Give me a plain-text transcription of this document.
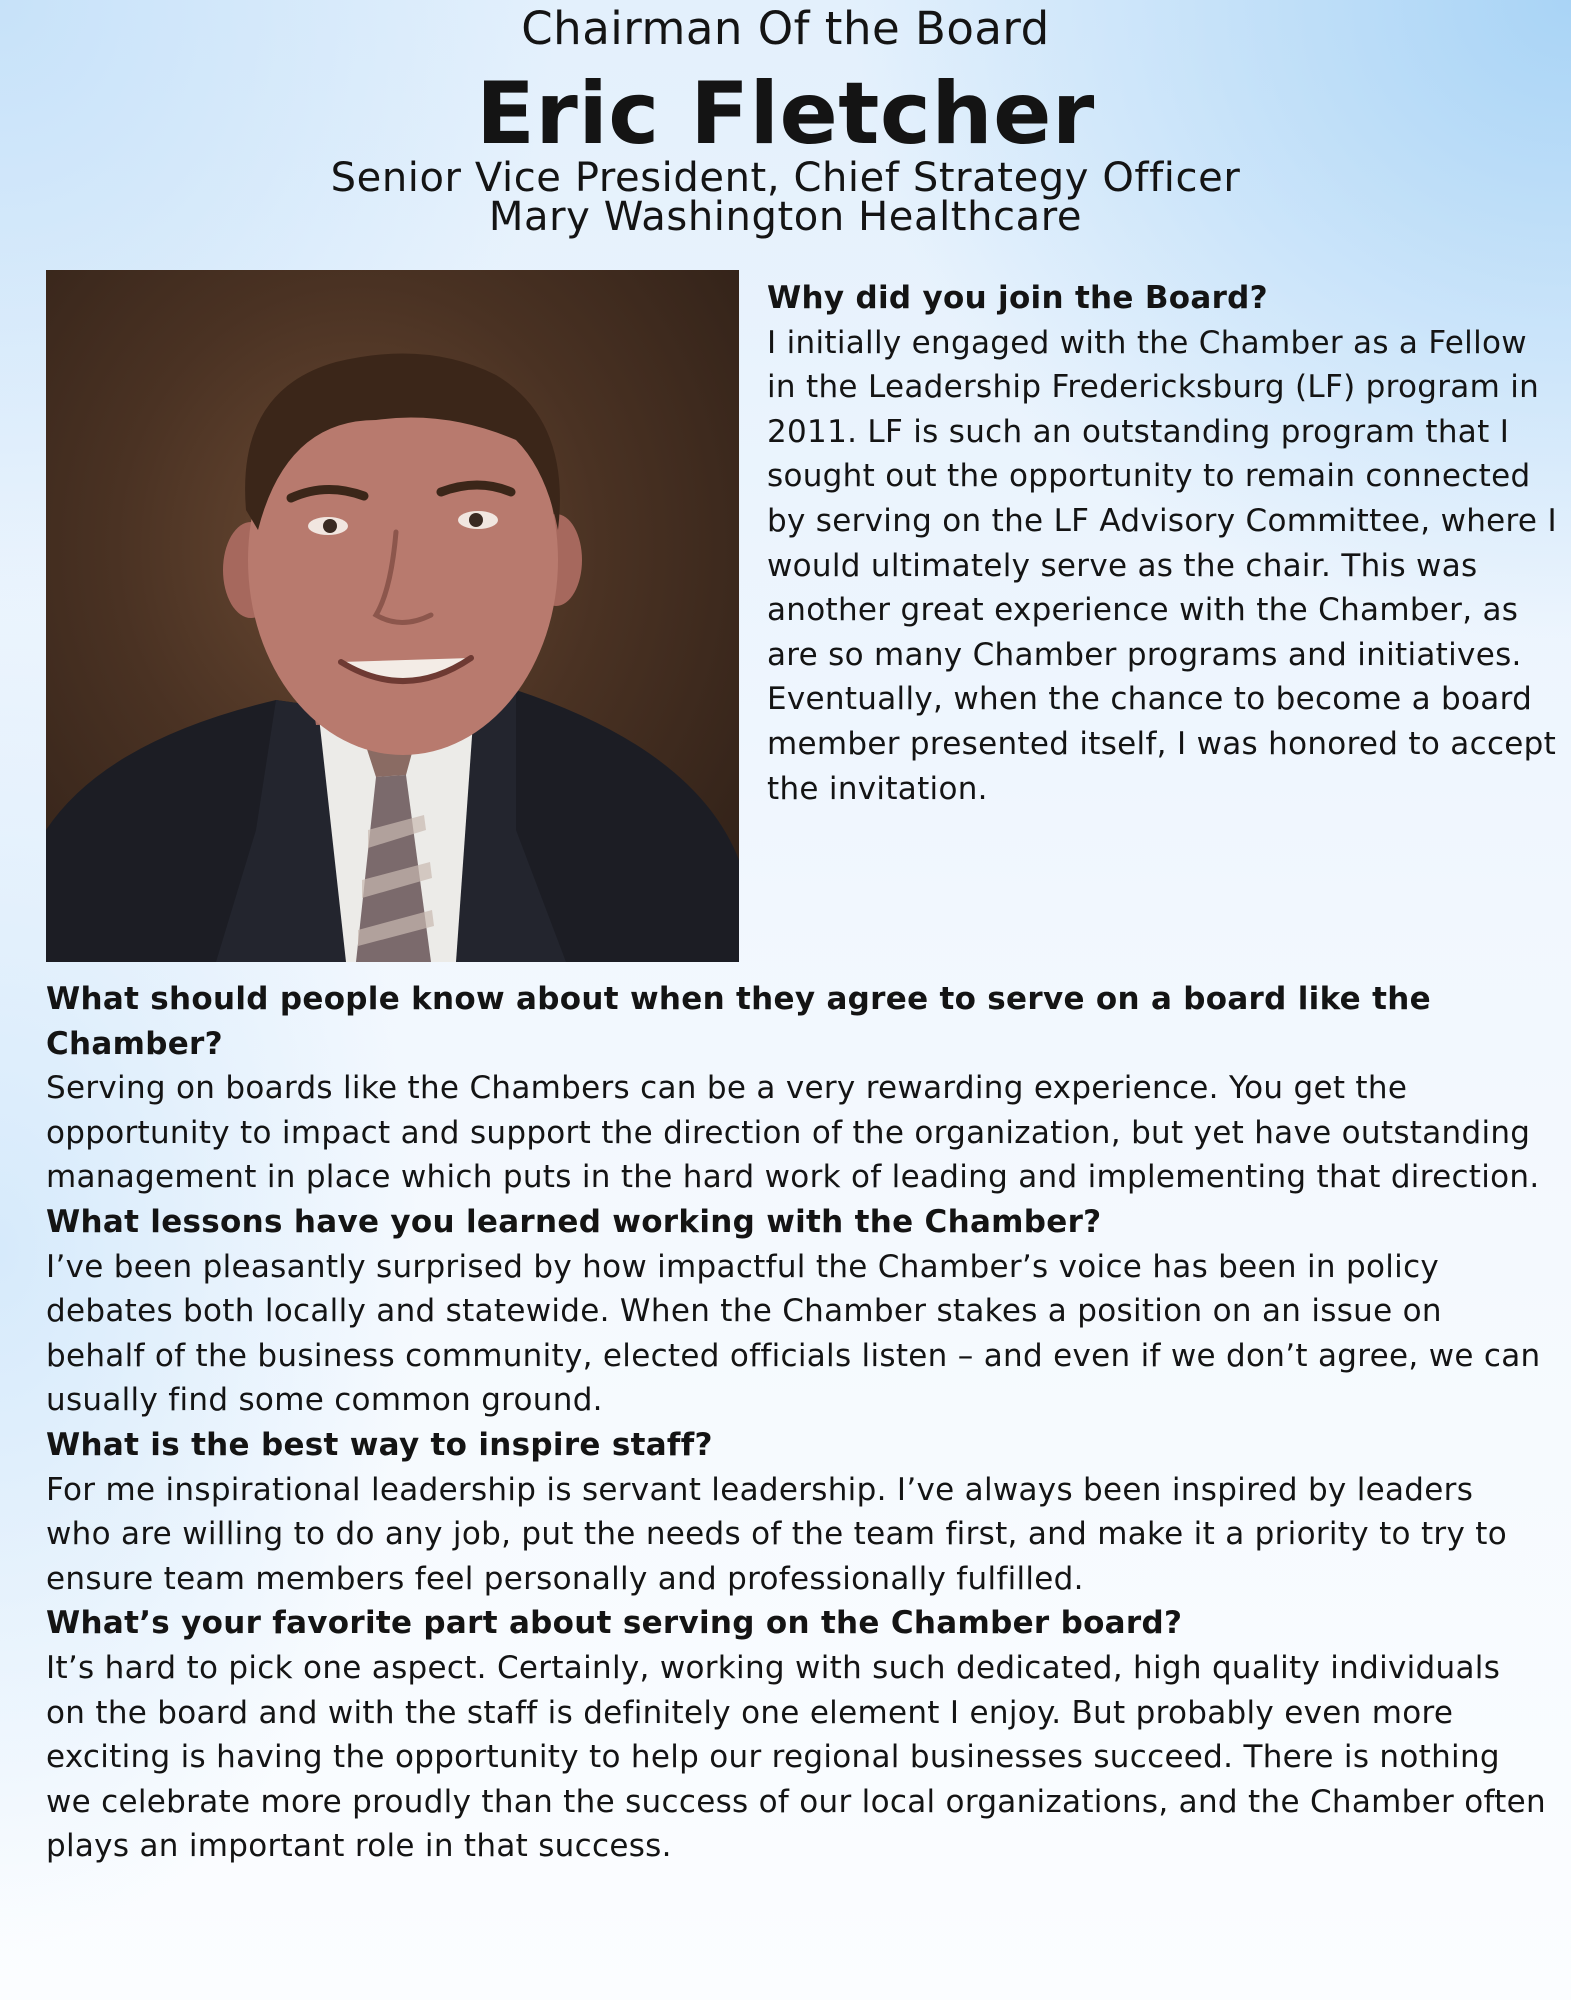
Chairman Of the Board
Eric Fletcher
Senior Vice President, Chief Strategy Officer
Mary Washington Healthcare

Why did you join the Board?

I initially engaged with the Chamber as a Fellow in the Leadership Fredericksburg (LF) program in 2011. LF is such an outstanding program that I sought out the opportunity to remain connected by serving on the LF Advisory Committee, where I would ultimately serve as the chair. This was another great experience with the Chamber, as are so many Chamber programs and initiatives. Eventually, when the chance to become a board member presented itself, I was honored to accept the invitation.

What should people know about when they agree to serve on a board like the Chamber?

Serving on boards like the Chambers can be a very rewarding experience. You get the opportunity to impact and support the direction of the organization, but yet have outstanding management in place which puts in the hard work of leading and implementing that direction.

What lessons have you learned working with the Chamber?

I’ve been pleasantly surprised by how impactful the Chamber’s voice has been in policy debates both locally and statewide. When the Chamber stakes a position on an issue on behalf of the business community, elected officials listen – and even if we don’t agree, we can usually find some common ground.

What is the best way to inspire staff?

For me inspirational leadership is servant leadership. I’ve always been inspired by leaders who are willing to do any job, put the needs of the team first, and make it a priority to try to ensure team members feel personally and professionally fulfilled.

What’s your favorite part about serving on the Chamber board?

It’s hard to pick one aspect. Certainly, working with such dedicated, high quality individuals on the board and with the staff is definitely one element I enjoy. But probably even more exciting is having the opportunity to help our regional businesses succeed. There is nothing we celebrate more proudly than the success of our local organizations, and the Chamber often plays an important role in that success.
